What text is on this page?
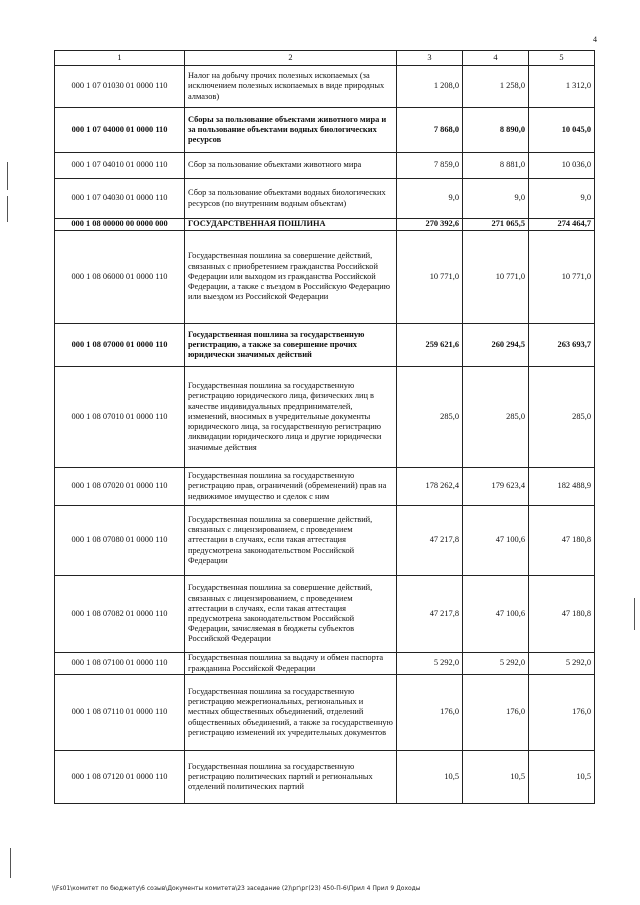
4
1	2	3	4	5
000 1 07 01030 01 0000 110	Налог на добычу прочих полезных ископаемых (за исключением полезных ископаемых в виде природных алмазов)	1 208,0	1 258,0	1 312,0
000 1 07 04000 01 0000 110	Сборы за пользование объектами животного мира и за пользование объектами водных биологических ресурсов	7 868,0	8 890,0	10 045,0
000 1 07 04010 01 0000 110	Сбор за пользование объектами животного мира	7 859,0	8 881,0	10 036,0
000 1 07 04030 01 0000 110	Сбор за пользование объектами водных биологических ресурсов (по внутренним водным объектам)	9,0	9,0	9,0
000 1 08 00000 00 0000 000	ГОСУДАРСТВЕННАЯ ПОШЛИНА	270 392,6	271 065,5	274 464,7
000 1 08 06000 01 0000 110	Государственная пошлина за совершение действий, связанных с приобретением гражданства Российской Федерации или выходом из гражданства Российской Федерации, а также с въездом в Российскую Федерацию или выездом из Российской Федерации	10 771,0	10 771,0	10 771,0
000 1 08 07000 01 0000 110	Государственная пошлина за государственную регистрацию, а также за совершение прочих юридически значимых действий	259 621,6	260 294,5	263 693,7
000 1 08 07010 01 0000 110	Государственная пошлина за государственную регистрацию юридического лица, физических лиц в качестве индивидуальных предпринимателей, изменений, вносимых в учредительные документы юридического лица, за государственную регистрацию ликвидации юридического лица и другие юридически значимые действия	285,0	285,0	285,0
000 1 08 07020 01 0000 110	Государственная пошлина за государственную регистрацию прав, ограничений (обременений) прав на недвижимое имущество и сделок с ним	178 262,4	179 623,4	182 488,9
000 1 08 07080 01 0000 110	Государственная пошлина за совершение действий, связанных с лицензированием, с проведением аттестации в случаях, если такая аттестация предусмотрена законодательством Российской Федерации	47 217,8	47 100,6	47 180,8
000 1 08 07082 01 0000 110	Государственная пошлина за совершение действий, связанных с лицензированием, с проведением аттестации в случаях, если такая аттестация предусмотрена законодательством Российской Федерации, зачисляемая в бюджеты субъектов Российской Федерации	47 217,8	47 100,6	47 180,8
000 1 08 07100 01 0000 110	Государственная пошлина за выдачу и обмен паспорта гражданина Российской Федерации	5 292,0	5 292,0	5 292,0
000 1 08 07110 01 0000 110	Государственная пошлина за государственную регистрацию межрегиональных, региональных и местных общественных объединений, отделений общественных объединений, а также за государственную регистрацию изменений их учредительных документов	176,0	176,0	176,0
000 1 08 07120 01 0000 110	Государственная пошлина за государственную регистрацию политических партий и региональных отделений политических партий	10,5	10,5	10,5
\\Fs01\комитет по бюджету\6 созыв\Документы комитета\23 заседание (2)\рг\рг(23) 450-П-6\Прил 4 Прил 9 Доходы
